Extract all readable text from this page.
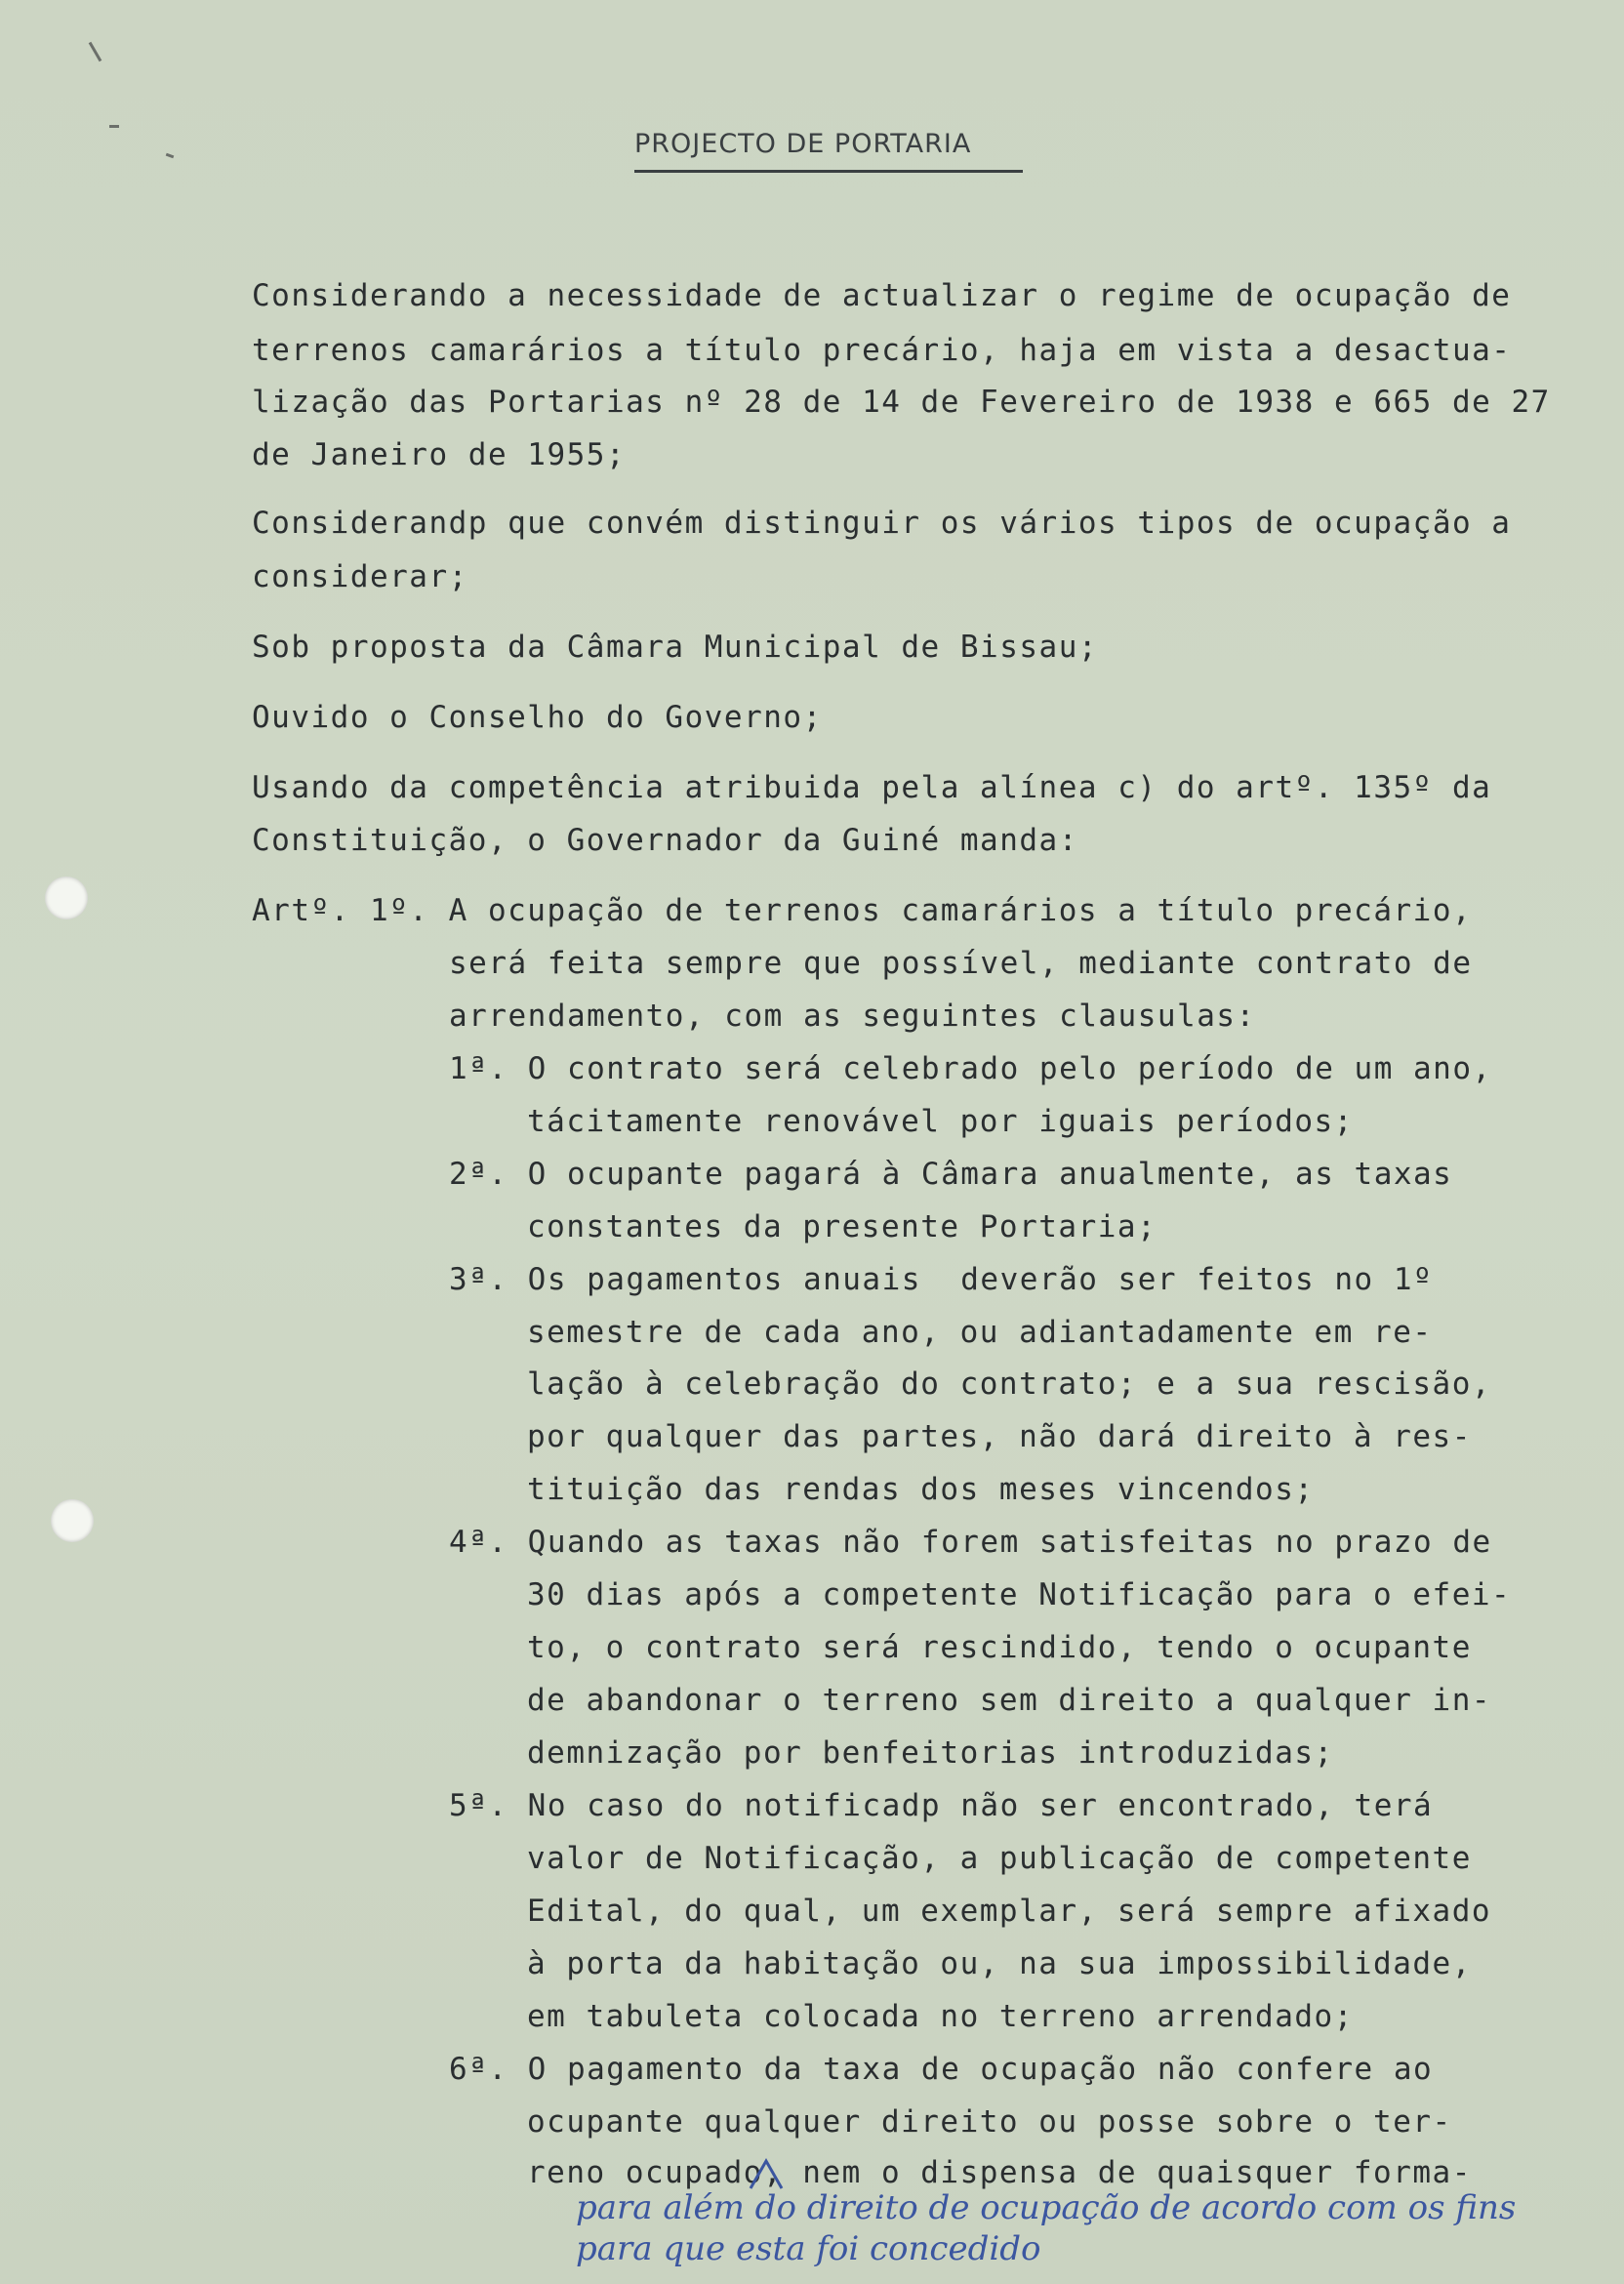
PROJECTO DE PORTARIA
Considerando a necessidade de actualizar o regime de ocupação de
terrenos camarários a título precário, haja em vista a desactua-
lização das Portarias nº 28 de 14 de Fevereiro de 1938 e 665 de 27
de Janeiro de 1955;
Considerandp que convém distinguir os vários tipos de ocupação a
considerar;
Sob proposta da Câmara Municipal de Bissau;
Ouvido o Conselho do Governo;
Usando da competência atribuida pela alínea c) do artº. 135º da
Constituição, o Governador da Guiné manda:
Artº. 1º. A ocupação de terrenos camarários a título precário,
será feita sempre que possível, mediante contrato de
arrendamento, com as seguintes clausulas:
1ª. O contrato será celebrado pelo período de um ano,
tácitamente renovável por iguais períodos;
2ª. O ocupante pagará à Câmara anualmente, as taxas
constantes da presente Portaria;
3ª. Os pagamentos anuais  deverão ser feitos no 1º
semestre de cada ano, ou adiantadamente em re-
lação à celebração do contrato; e a sua rescisão,
por qualquer das partes, não dará direito à res-
tituição das rendas dos meses vincendos;
4ª. Quando as taxas não forem satisfeitas no prazo de
30 dias após a competente Notificação para o efei-
to, o contrato será rescindido, tendo o ocupante
de abandonar o terreno sem direito a qualquer in-
demnização por benfeitorias introduzidas;
5ª. No caso do notificadp não ser encontrado, terá
valor de Notificação, a publicação de competente
Edital, do qual, um exemplar, será sempre afixado
à porta da habitação ou, na sua impossibilidade,
em tabuleta colocada no terreno arrendado;
6ª. O pagamento da taxa de ocupação não confere ao
ocupante qualquer direito ou posse sobre o ter-
reno ocupado, nem o dispensa de quaisquer forma-
para além do direito de ocupação de acordo com os fins
para que esta foi concedido
